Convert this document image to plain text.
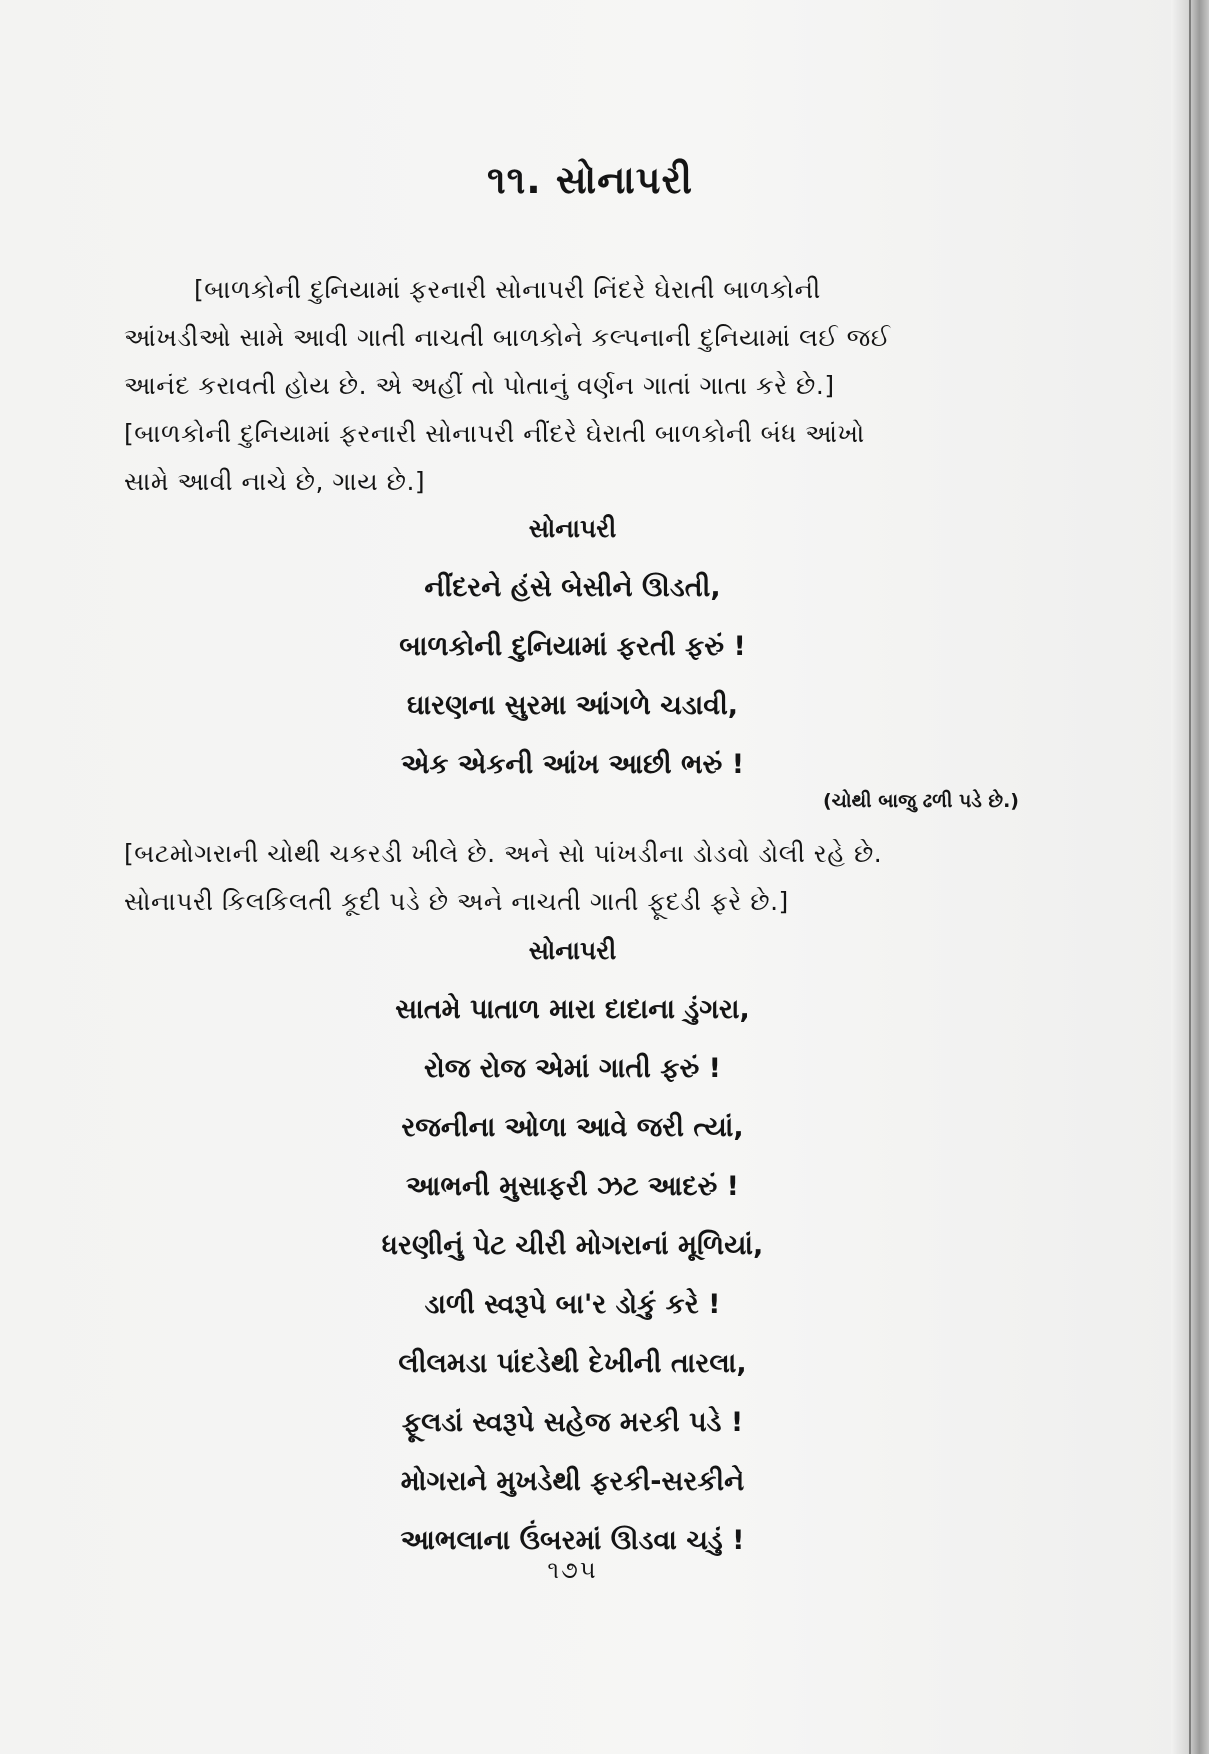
૧૧. સોનાપરી
[બાળકોની દુનિયામાં ફરનારી સોનાપરી નિંદરે ઘેરાતી બાળકોની
આંખડીઓ સામે આવી ગાતી નાચતી બાળકોને કલ્પનાની દુનિયામાં લઈ જઈ
આનંદ કરાવતી હોય છે. એ અહીં તો પોતાનું વર્ણન ગાતાં ગાતા કરે છે.]
[બાળકોની દુનિયામાં ફરનારી સોનાપરી નીંદરે ઘેરાતી બાળકોની બંધ આંખો
સામે આવી નાચે છે, ગાય છે.]
સોનાપરી
નીંદરને હંસે બેસીને ઊડતી,
બાળકોની દુનિયામાં ફરતી ફરું !
ઘારણના સુરમા આંગળે ચડાવી,
એક એકની આંખ આછી ભરું !
(ચોથી બાજુ ઢળી પડે છે.)
[બટમોગરાની ચોથી ચકરડી ખીલે છે. અને સો પાંખડીના ડોડવો ડોલી રહે છે.
સોનાપરી કિલકિલતી કૂદી પડે છે અને નાચતી ગાતી ફૂદડી ફરે છે.]
સોનાપરી
સાતમે પાતાળ મારા દાદાના ડુંગરા,
રોજ રોજ એમાં ગાતી ફરું !
રજનીના ઓળા આવે જરી ત્યાં,
આભની મુસાફરી ઝટ આદરું !
ધરણીનું પેટ ચીરી મોગરાનાં મૂળિયાં,
ડાળી સ્વરૂપે બા'ર ડોકું કરે !
લીલમડા પાંદડેથી દેખીની તારલા,
ફૂલડાં સ્વરૂપે સહેજ મરકી પડે !
મોગરાને મુખડેથી ફરકી-સરકીને
આભલાના ઉંબરમાં ઊડવા ચડું !
૧૭૫
